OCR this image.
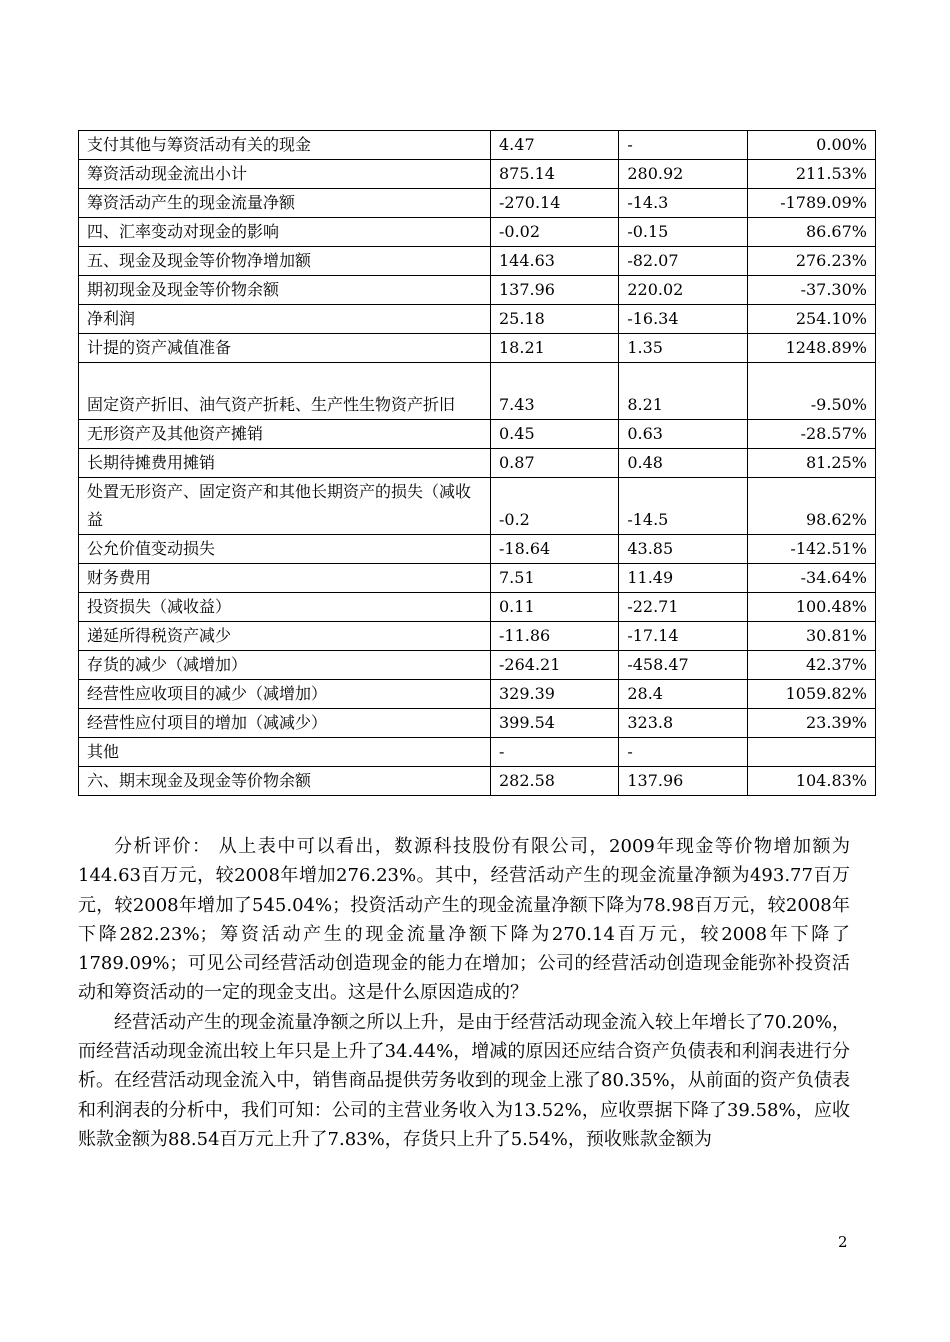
支付其他与筹资活动有关的现金	4.47	-	0.00%
筹资活动现金流出小计	875.14	280.92	211.53%
筹资活动产生的现金流量净额	-270.14	-14.3	-1789.09%
四、汇率变动对现金的影响	-0.02	-0.15	86.67%
五、现金及现金等价物净增加额	144.63	-82.07	276.23%
期初现金及现金等价物余额	137.96	220.02	-37.30%
净利润	25.18	-16.34	254.10%
计提的资产减值准备	18.21	1.35	1248.89%
固定资产折旧、油气资产折耗、生产性生物资产折旧	7.43	8.21	-9.50%
无形资产及其他资产摊销	0.45	0.63	-28.57%
长期待摊费用摊销	0.87	0.48	81.25%
处置无形资产、固定资产和其他长期资产的损失（减收益	-0.2	-14.5	98.62%
公允价值变动损失	-18.64	43.85	-142.51%
财务费用	7.51	11.49	-34.64%
投资损失（减收益）	0.11	-22.71	100.48%
递延所得税资产减少	-11.86	-17.14	30.81%
存货的减少（减增加）	-264.21	-458.47	42.37%
经营性应收项目的减少（减增加）	329.39	28.4	1059.82%
经营性应付项目的增加（减减少）	399.54	323.8	23.39%
其他	-	-	
六、期末现金及现金等价物余额	282.58	137.96	104.83%

分析评价： 从上表中可以看出，数源科技股份有限公司，2009年现金等价物增加额为144.63百万元，较2008年增加276.23%。其中，经营活动产生的现金流量净额为493.77百万元，较2008年增加了545.04%；投资活动产生的现金流量净额下降为78.98百万元，较2008年下降282.23%；筹资活动产生的现金流量净额下降为270.14百万元，较2008年下降了1789.09%；可见公司经营活动创造现金的能力在增加；公司的经营活动创造现金能弥补投资活动和筹资活动的一定的现金支出。这是什么原因造成的？

经营活动产生的现金流量净额之所以上升，是由于经营活动现金流入较上年增长了70.20%，而经营活动现金流出较上年只是上升了34.44%，增减的原因还应结合资产负债表和利润表进行分析。在经营活动现金流入中，销售商品提供劳务收到的现金上涨了80.35%，从前面的资产负债表和利润表的分析中，我们可知：公司的主营业务收入为13.52%，应收票据下降了39.58%，应收账款金额为88.54百万元上升了7.83%，存货只上升了5.54%，预收账款金额为

2
